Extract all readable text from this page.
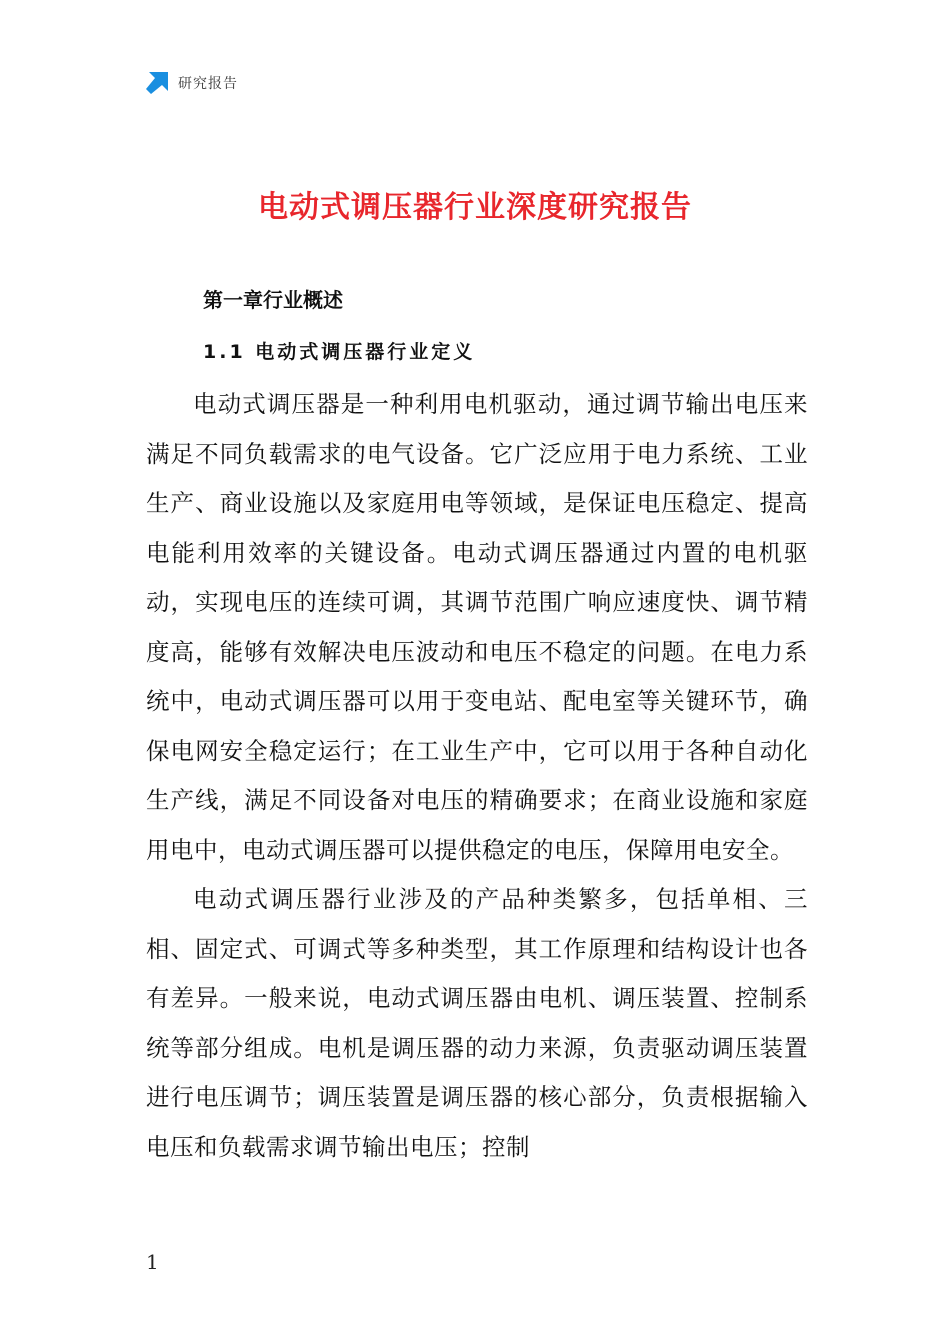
研究报告
电动式调压器行业深度研究报告
第一章行业概述
1.1 电动式调压器行业定义

电动式调压器是一种利用电机驱动，通过调节输出电压来满足不同负载需求的电气设备。它广泛应用于电力系统、工业生产、商业设施以及家庭用电等领域，是保证电压稳定、提高电能利用效率的关键设备。电动式调压器通过内置的电机驱动，实现电压的连续可调，其调节范围广响应速度快、调节精度高，能够有效解决电压波动和电压不稳定的问题。在电力系统中，电动式调压器可以用于变电站、配电室等关键环节，确保电网安全稳定运行；在工业生产中，它可以用于各种自动化生产线，满足不同设备对电压的精确要求；在商业设施和家庭用电中，电动式调压器可以提供稳定的电压，保障用电安全。

电动式调压器行业涉及的产品种类繁多，包括单相、三相、固定式、可调式等多种类型，其工作原理和结构设计也各有差异。一般来说，电动式调压器由电机、调压装置、控制系统等部分组成。电机是调压器的动力来源，负责驱动调压装置进行电压调节；调压装置是调压器的核心部分，负责根据输入电压和负载需求调节输出电压；控制

1
